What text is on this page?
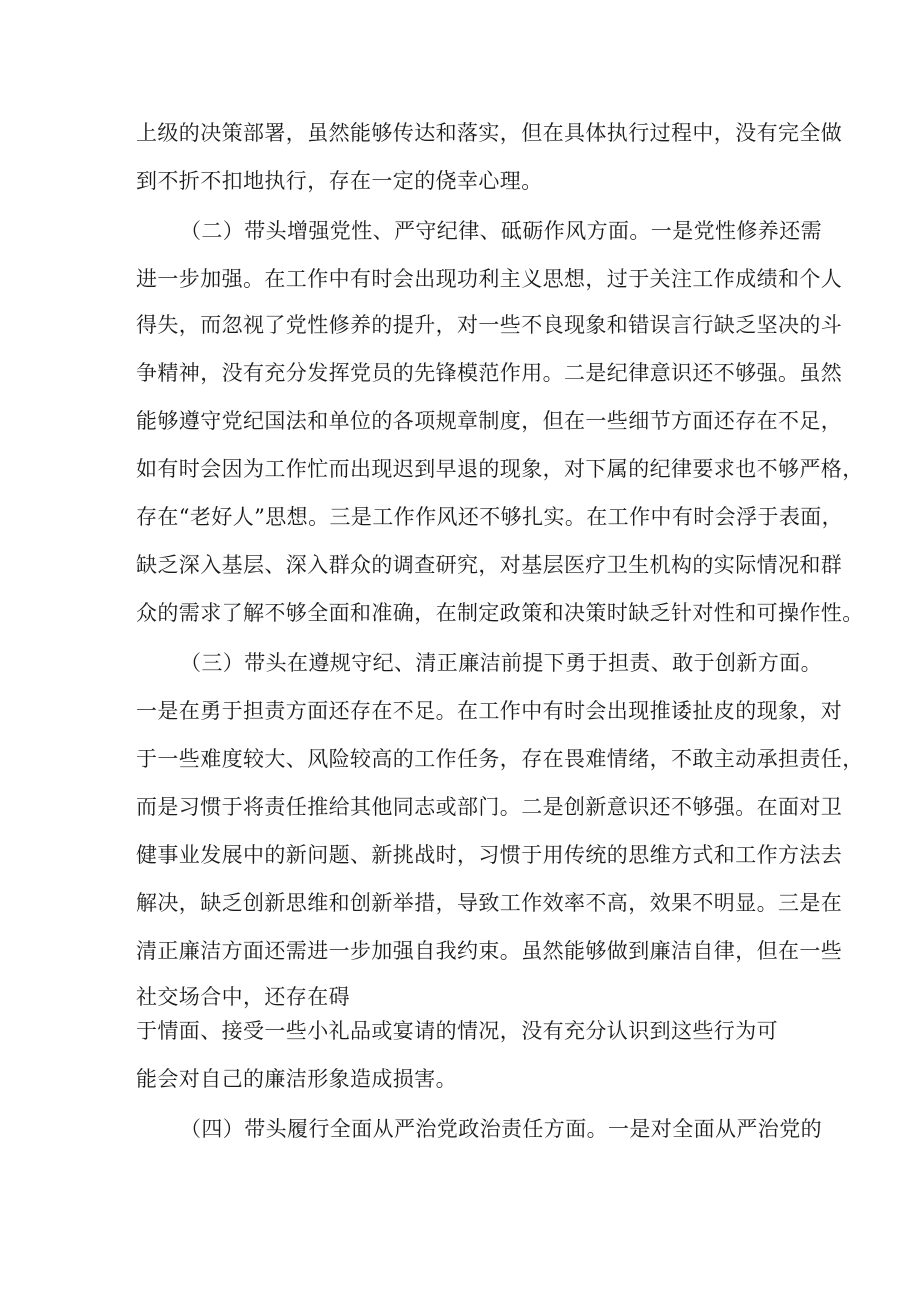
上级的决策部署，虽然能够传达和落实，但在具体执行过程中，没有完全做
到不折不扣地执行，存在一定的侥幸心理。
（二）带头增强党性、严守纪律、砥砺作风方面。一是党性修养还需
进一步加强。在工作中有时会出现功利主义思想，过于关注工作成绩和个人
得失，而忽视了党性修养的提升，对一些不良现象和错误言行缺乏坚决的斗
争精神，没有充分发挥党员的先锋模范作用。二是纪律意识还不够强。虽然
能够遵守党纪国法和单位的各项规章制度，但在一些细节方面还存在不足，
如有时会因为工作忙而出现迟到早退的现象，对下属的纪律要求也不够严格，
存在“老好人”思想。三是工作作风还不够扎实。在工作中有时会浮于表面，
缺乏深入基层、深入群众的调查研究，对基层医疗卫生机构的实际情况和群
众的需求了解不够全面和准确，在制定政策和决策时缺乏针对性和可操作性。
（三）带头在遵规守纪、清正廉洁前提下勇于担责、敢于创新方面。
一是在勇于担责方面还存在不足。在工作中有时会出现推诿扯皮的现象，对
于一些难度较大、风险较高的工作任务，存在畏难情绪，不敢主动承担责任，
而是习惯于将责任推给其他同志或部门。二是创新意识还不够强。在面对卫
健事业发展中的新问题、新挑战时，习惯于用传统的思维方式和工作方法去
解决，缺乏创新思维和创新举措，导致工作效率不高，效果不明显。三是在
清正廉洁方面还需进一步加强自我约束。虽然能够做到廉洁自律，但在一些
社交场合中，还存在碍
于情面、接受一些小礼品或宴请的情况，没有充分认识到这些行为可
能会对自己的廉洁形象造成损害。
（四）带头履行全面从严治党政治责任方面。一是对全面从严治党的
